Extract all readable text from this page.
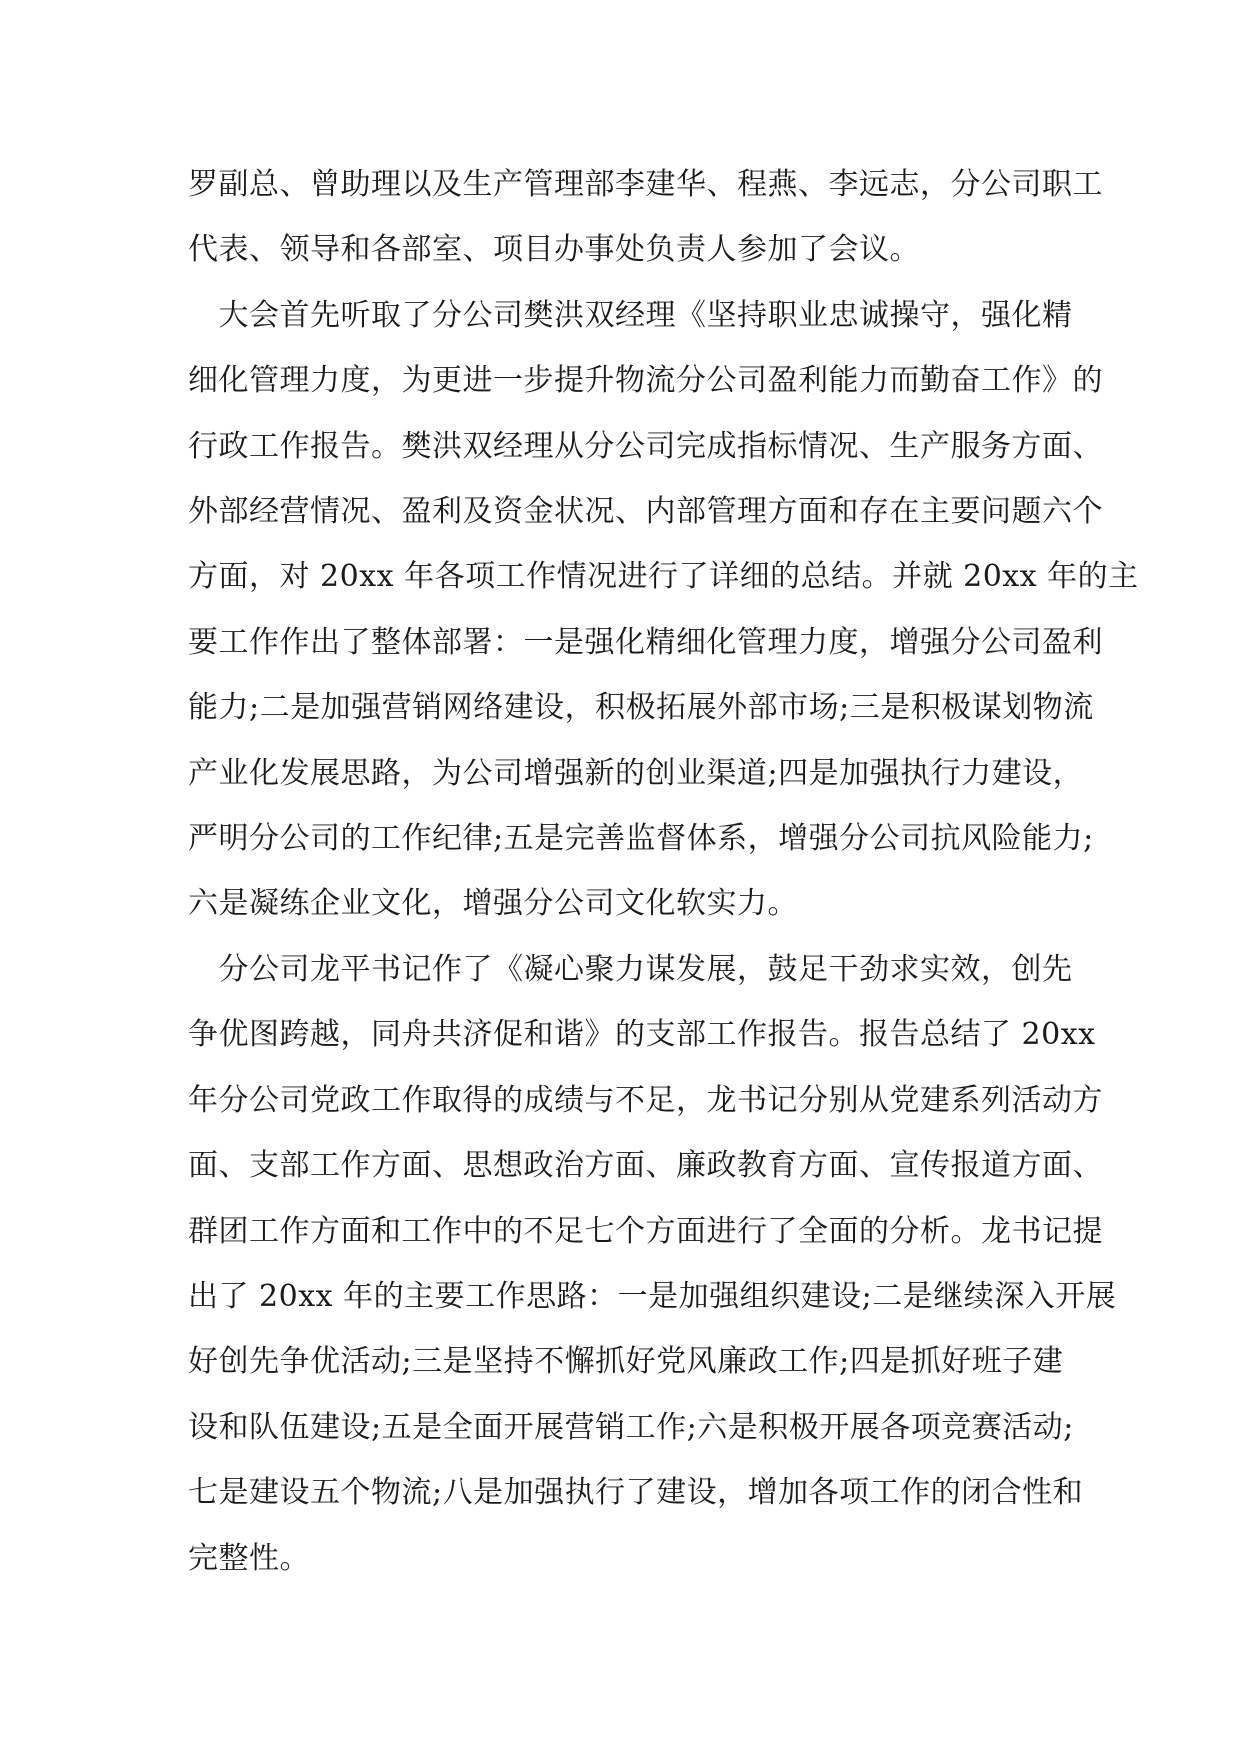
罗副总、曾助理以及生产管理部李建华、程燕、李远志，分公司职工

代表、领导和各部室、项目办事处负责人参加了会议。

　大会首先听取了分公司樊洪双经理《坚持职业忠诚操守，强化精

细化管理力度，为更进一步提升物流分公司盈利能力而勤奋工作》的

行政工作报告。樊洪双经理从分公司完成指标情况、生产服务方面、

外部经营情况、盈利及资金状况、内部管理方面和存在主要问题六个

方面，对 20xx 年各项工作情况进行了详细的总结。并就 20xx 年的主

要工作作出了整体部署：一是强化精细化管理力度，增强分公司盈利

能力;二是加强营销网络建设，积极拓展外部市场;三是积极谋划物流

产业化发展思路，为公司增强新的创业渠道;四是加强执行力建设，

严明分公司的工作纪律;五是完善监督体系，增强分公司抗风险能力;

六是凝练企业文化，增强分公司文化软实力。

　分公司龙平书记作了《凝心聚力谋发展，鼓足干劲求实效，创先

争优图跨越，同舟共济促和谐》的支部工作报告。报告总结了 20xx

年分公司党政工作取得的成绩与不足，龙书记分别从党建系列活动方

面、支部工作方面、思想政治方面、廉政教育方面、宣传报道方面、

群团工作方面和工作中的不足七个方面进行了全面的分析。龙书记提

出了 20xx 年的主要工作思路：一是加强组织建设;二是继续深入开展

好创先争优活动;三是坚持不懈抓好党风廉政工作;四是抓好班子建

设和队伍建设;五是全面开展营销工作;六是积极开展各项竞赛活动;

七是建设五个物流;八是加强执行了建设，增加各项工作的闭合性和

完整性。
